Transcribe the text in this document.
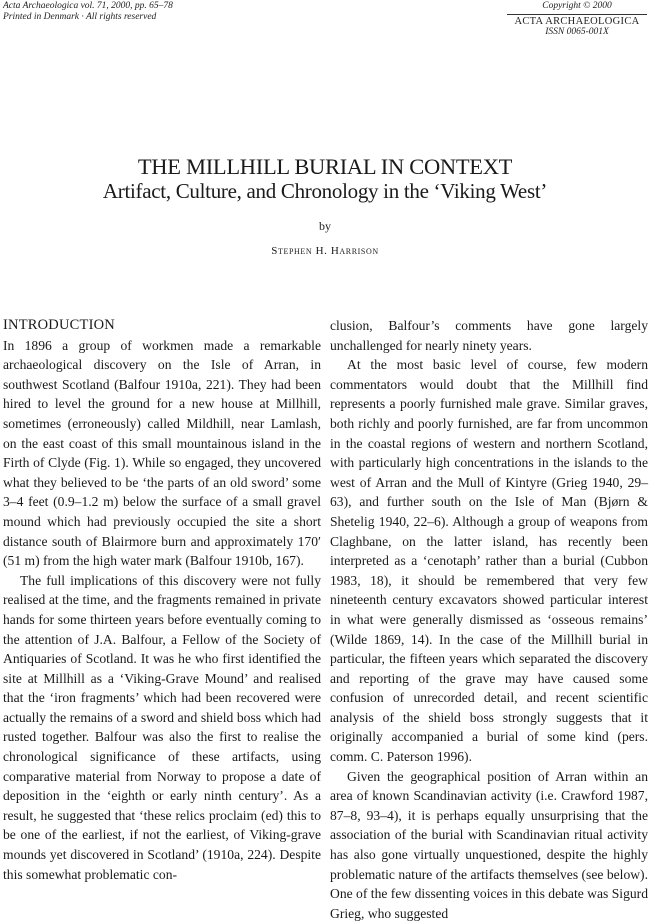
Acta Archaeologica vol. 71, 2000, pp. 65–78
Printed in Denmark · All rights reserved
Copyright © 2000
ACTA ARCHAEOLOGICA
ISSN 0065-001X
THE MILLHILL BURIAL IN CONTEXT
Artifact, Culture, and Chronology in the ‘Viking West’
by
Stephen H. Harrison

INTRODUCTION

In 1896 a group of workmen made a remarkable archaeological discovery on the Isle of Arran, in southwest Scotland (Balfour 1910a, 221). They had been hired to level the ground for a new house at Millhill, sometimes (erroneously) called Mildhill, near Lamlash, on the east coast of this small mountainous island in the Firth of Clyde (Fig. 1). While so engaged, they uncovered what they believed to be ‘the parts of an old sword’ some 3–4 feet (0.9–1.2 m) below the surface of a small gravel mound which had previously occupied the site a short distance south of Blairmore burn and approximately 170′ (51 m) from the high water mark (Balfour 1910b, 167).

The full implications of this discovery were not fully realised at the time, and the fragments remained in private hands for some thirteen years before eventually coming to the attention of J.A. Balfour, a Fellow of the Society of Antiquaries of Scotland. It was he who first identified the site at Millhill as a ‘Viking-Grave Mound’ and realised that the ‘iron fragments’ which had been recovered were actually the remains of a sword and shield boss which had rusted together. Balfour was also the first to realise the chronological significance of these artifacts, using comparative material from Norway to propose a date of deposition in the ‘eighth or early ninth century’. As a result, he suggested that ‘these relics proclaim (ed) this to be one of the earliest, if not the earliest, of Viking-grave mounds yet discovered in Scotland’ (1910a, 224). Despite this somewhat problematic con-

clusion, Balfour’s comments have gone largely unchallenged for nearly ninety years.

At the most basic level of course, few modern commentators would doubt that the Millhill find represents a poorly furnished male grave. Similar graves, both richly and poorly furnished, are far from uncommon in the coastal regions of western and northern Scotland, with particularly high concentrations in the islands to the west of Arran and the Mull of Kintyre (Grieg 1940, 29–63), and further south on the Isle of Man (Bjørn & Shetelig 1940, 22–6). Although a group of weapons from Claghbane, on the latter island, has recently been interpreted as a ‘cenotaph’ rather than a burial (Cubbon 1983, 18), it should be remembered that very few nineteenth century excavators showed particular interest in what were generally dismissed as ‘osseous remains’ (Wilde 1869, 14). In the case of the Millhill burial in particular, the fifteen years which separated the discovery and reporting of the grave may have caused some confusion of unrecorded detail, and recent scientific analysis of the shield boss strongly suggests that it originally accompanied a burial of some kind (pers. comm. C. Paterson 1996).

Given the geographical position of Arran within an area of known Scandinavian activity (i.e. Crawford 1987, 87–8, 93–4), it is perhaps equally unsurprising that the association of the burial with Scandinavian ritual activity has also gone virtually unquestioned, despite the highly problematic nature of the artifacts themselves (see below). One of the few dissenting voices in this debate was Sigurd Grieg, who suggested
